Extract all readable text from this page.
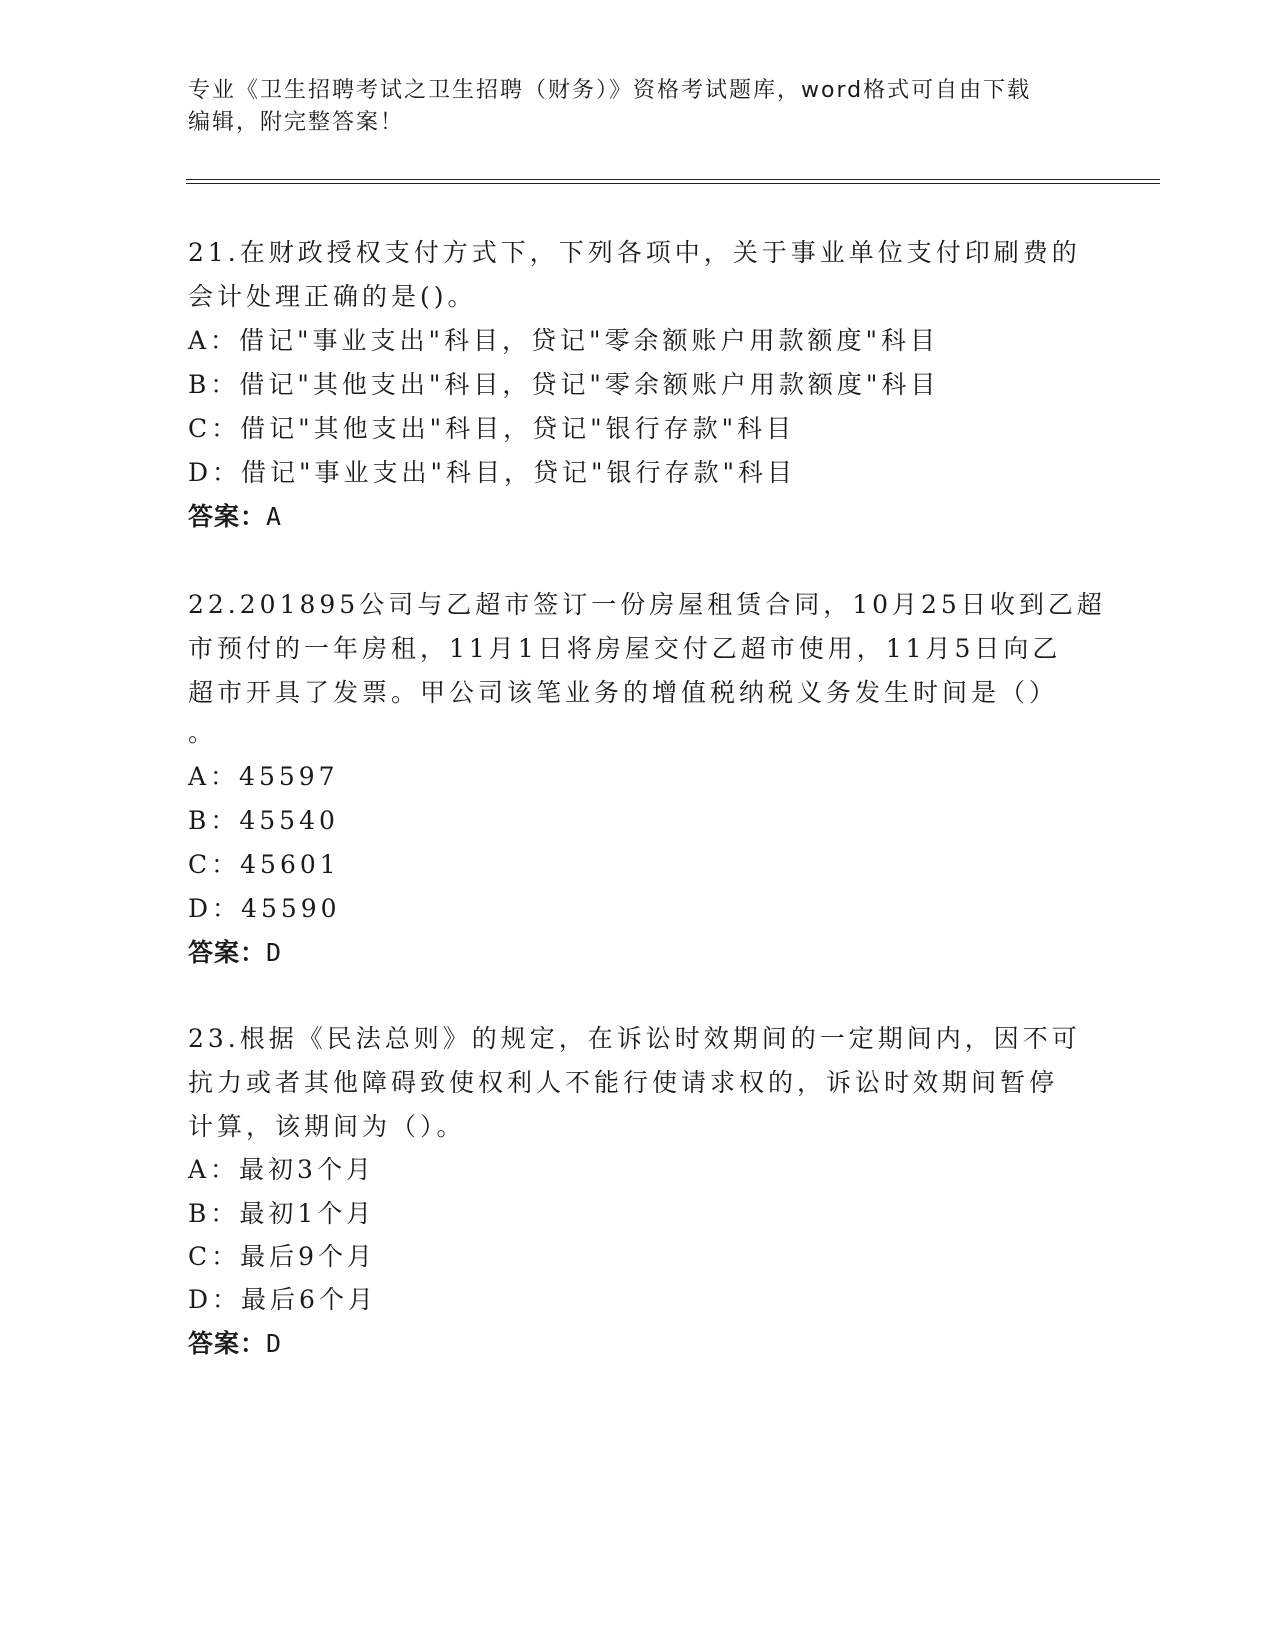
专业《卫生招聘考试之卫生招聘（财务）》资格考试题库，word格式可自由下载
编辑，附完整答案！
21.在财政授权支付方式下，下列各项中，关于事业单位支付印刷费的
会计处理正确的是()。
A：借记"事业支出"科目，贷记"零余额账户用款额度"科目
B：借记"其他支出"科目，贷记"零余额账户用款额度"科目
C：借记"其他支出"科目，贷记"银行存款"科目
D：借记"事业支出"科目，贷记"银行存款"科目
答案：A
22.201895公司与乙超市签订一份房屋租赁合同，10月25日收到乙超
市预付的一年房租，11月1日将房屋交付乙超市使用，11月5日向乙
超市开具了发票。甲公司该笔业务的增值税纳税义务发生时间是（）
。
A：45597
B：45540
C：45601
D：45590
答案：D
23.根据《民法总则》的规定，在诉讼时效期间的一定期间内，因不可
抗力或者其他障碍致使权利人不能行使请求权的，诉讼时效期间暂停
计算，该期间为（）。
A：最初3个月
B：最初1个月
C：最后9个月
D：最后6个月
答案：D
